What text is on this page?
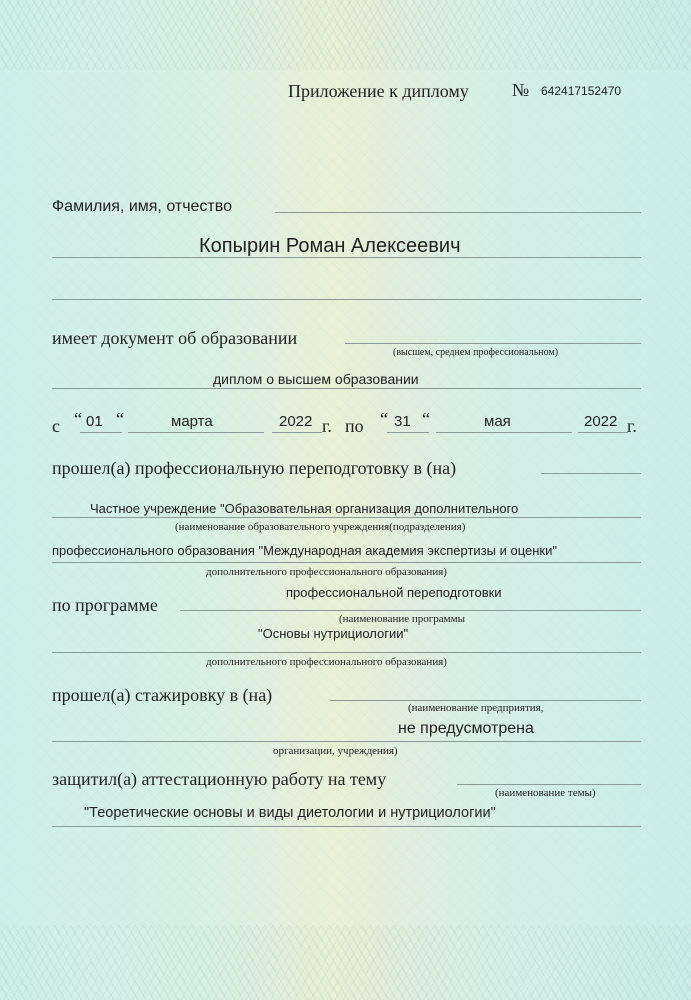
Приложение к диплому № 642417152470
Фамилия, имя, отчество
Копырин Роман Алексеевич
имеет документ об образовании
(высшем, среднем профессиональном)
диплом о высшем образовании
с “ 01 “	марта	2022 г. по “ 31 “	мая	2022 г.
прошел(а) профессиональную переподготовку в (на)
Частное учреждение "Образовательная организация дополнительного
(наименование образовательного учреждения(подразделения)
профессионального образования "Международная академия экспертизы и оценки"
дополнительного профессионального образования)
по программе
профессиональной переподготовки
(наименование программы
"Основы нутрициологии"
дополнительного профессионального образования)
прошел(а) стажировку в (на)
(наименование предприятия,
не предусмотрена
организации, учреждения)
защитил(а) аттестационную работу на тему
(наименование темы)
"Теоретические основы и виды диетологии и нутрициологии"
